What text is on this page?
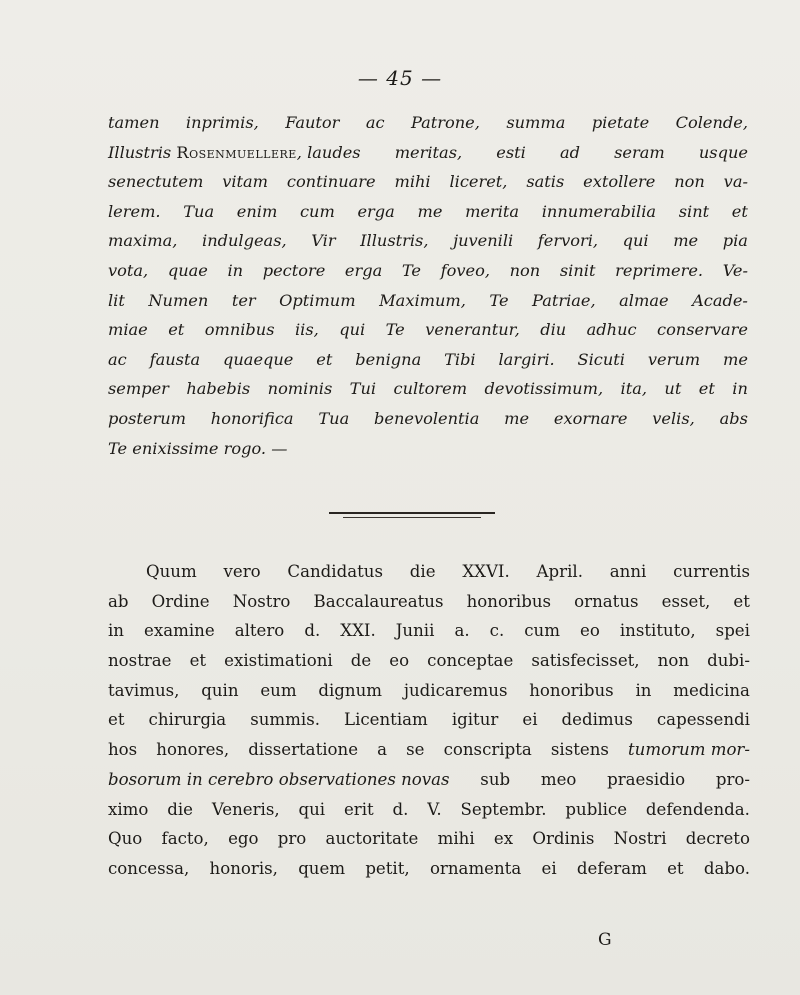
— 45 —
tamen inprimis, Fautor ac Patrone, summa pietate Colende,
Illustris Rosenmuellere, laudes meritas, esti ad seram usque
senectutem vitam continuare mihi liceret, satis extollere non va-
lerem. Tua enim cum erga me merita innumerabilia sint et
maxima, indulgeas, Vir Illustris, juvenili fervori, qui me pia
vota, quae in pectore erga Te foveo, non sinit reprimere. Ve-
lit Numen ter Optimum Maximum, Te Patriae, almae Acade-
miae et omnibus iis, qui Te venerantur, diu adhuc conservare
ac fausta quaeque et benigna Tibi largiri. Sicuti verum me
semper habebis nominis Tui cultorem devotissimum, ita, ut et in
posterum honorifica Tua benevolentia me exornare velis, abs
Te enixissime rogo. —
Quum vero Candidatus die XXVI. April. anni currentis
ab Ordine Nostro Baccalaureatus honoribus ornatus esset, et
in examine altero d. XXI. Junii a. c. cum eo instituto, spei
nostrae et existimationi de eo conceptae satisfecisset, non dubi-
tavimus, quin eum dignum judicaremus honoribus in medicina
et chirurgia summis. Licentiam igitur ei dedimus capessendi
hos honores, dissertatione a se conscripta sistens tumorum mor-
bosorum in cerebro observationes novas sub meo praesidio pro-
ximo die Veneris, qui erit d. V. Septembr. publice defendenda.
Quo facto, ego pro auctoritate mihi ex Ordinis Nostri decreto
concessa, honoris, quem petit, ornamenta ei deferam et dabo.
G
